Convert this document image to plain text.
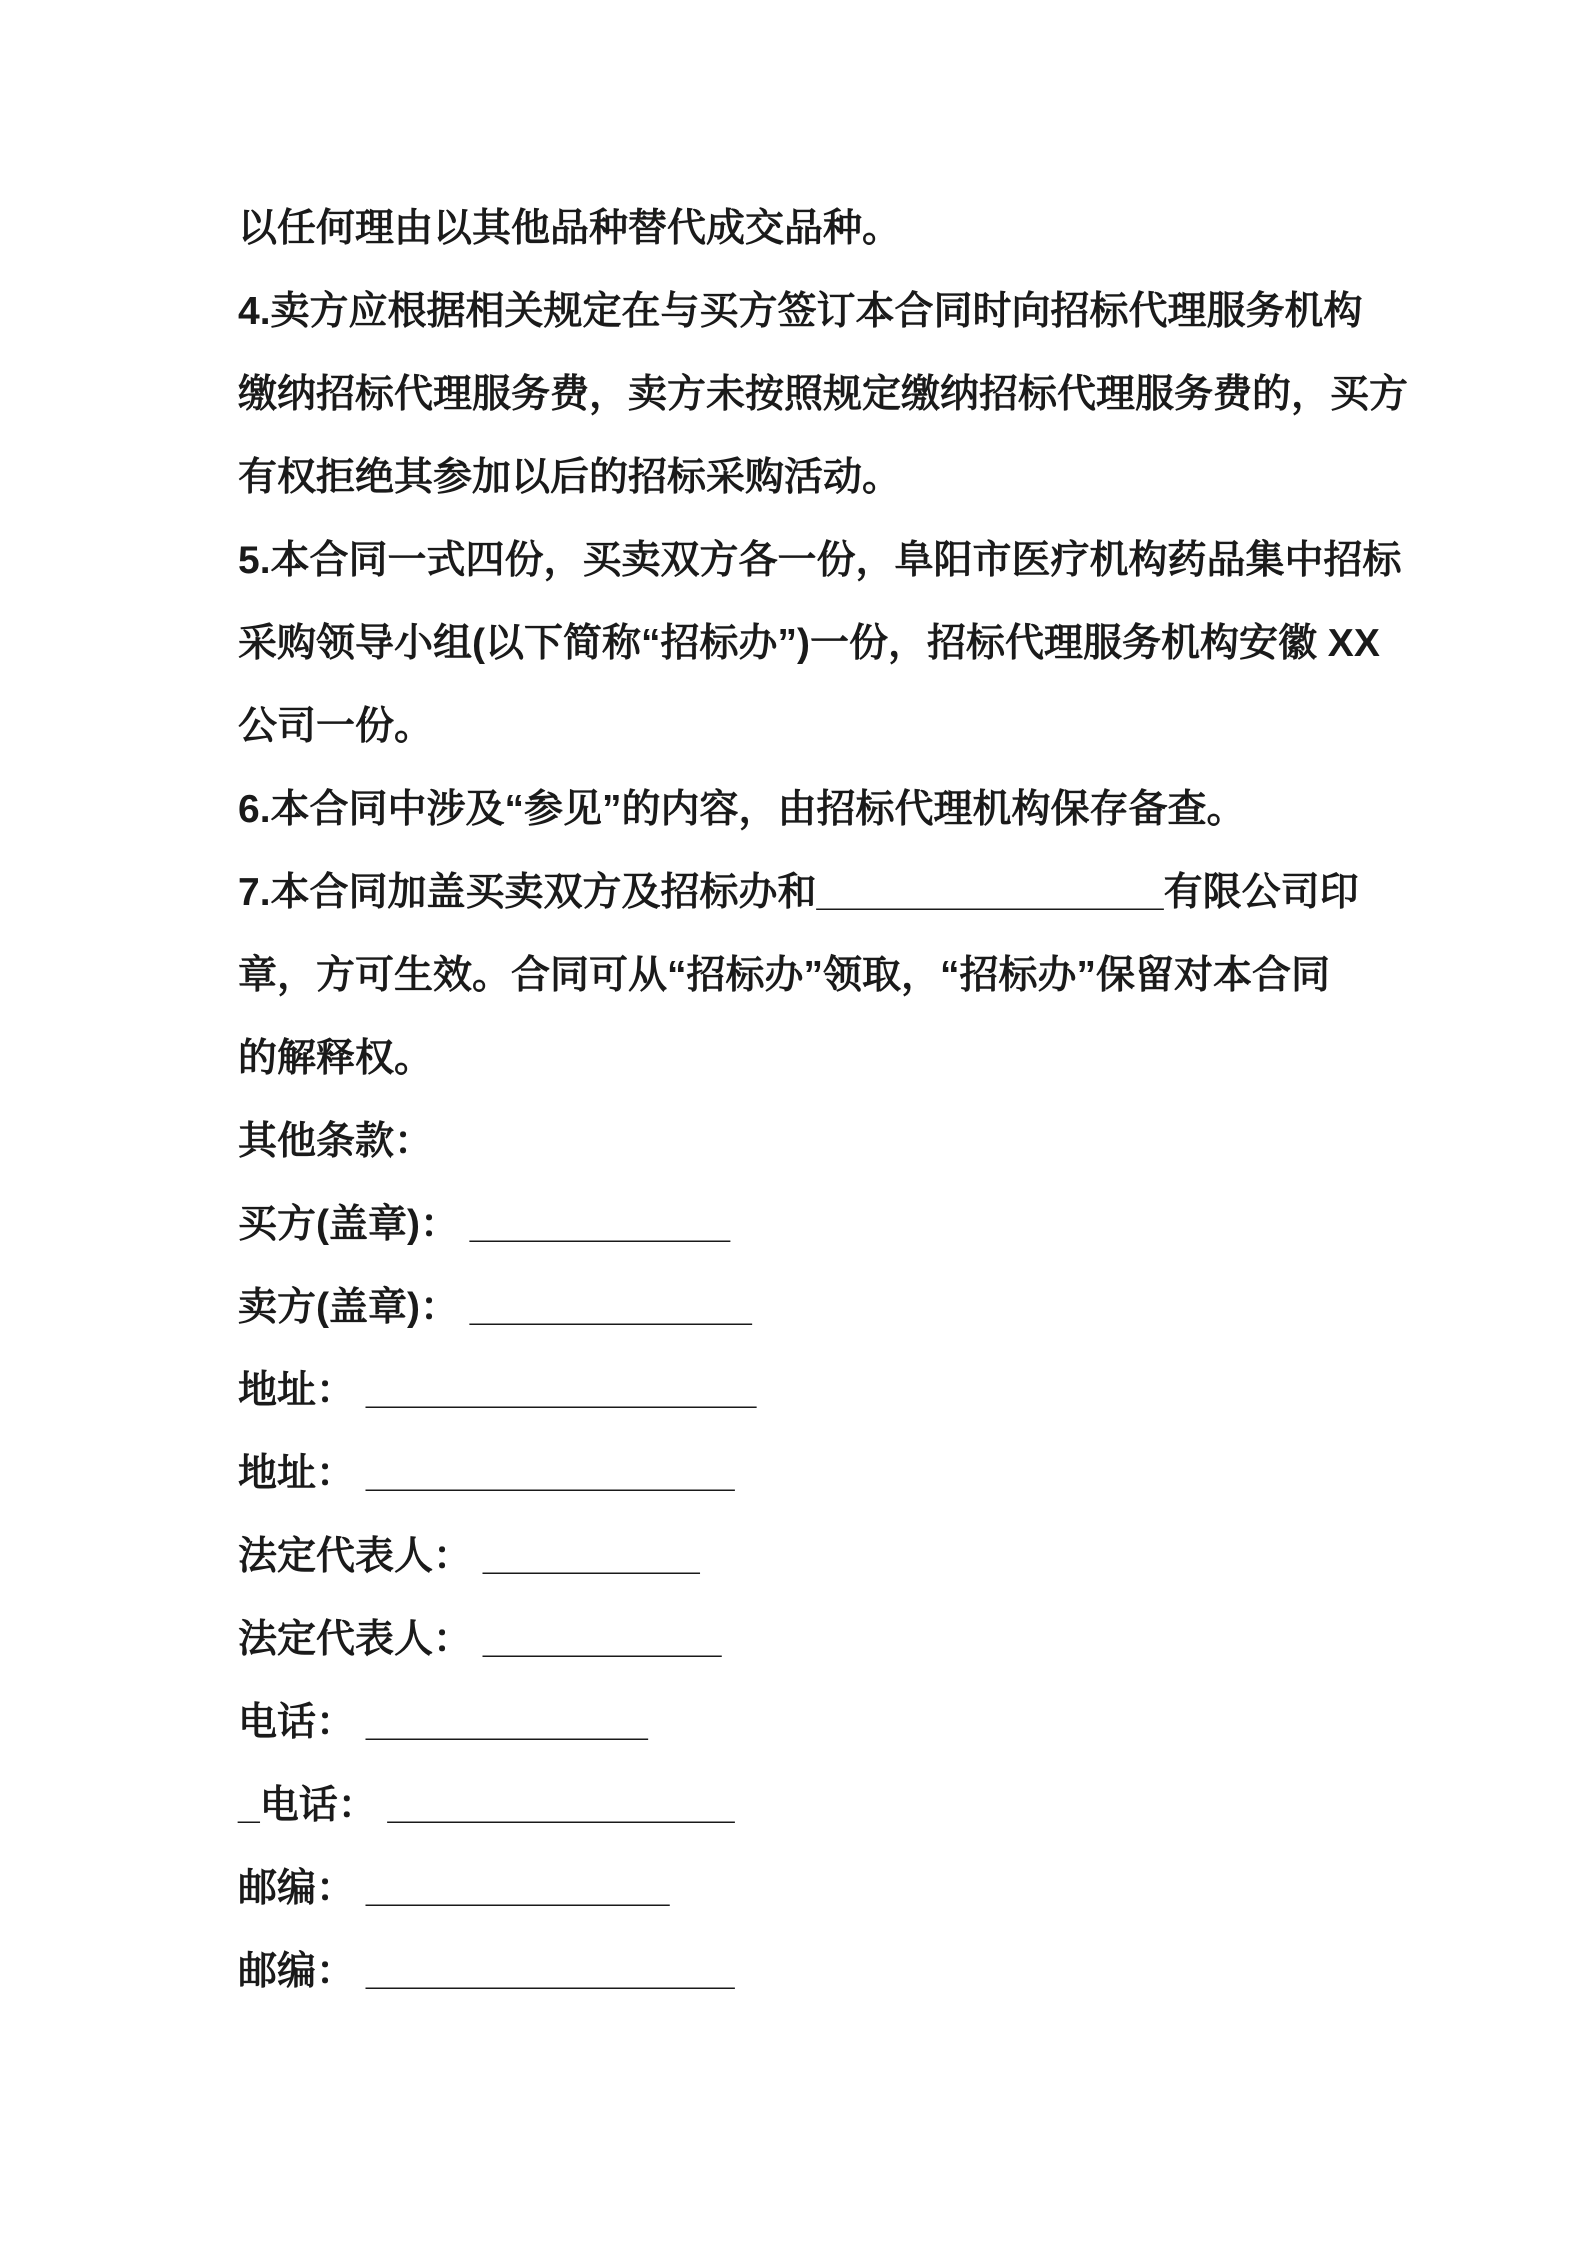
以任何理由以其他品种替代成交品种。
4.卖方应根据相关规定在与买方签订本合同时向招标代理服务机构
缴纳招标代理服务费，卖方未按照规定缴纳招标代理服务费的，买方
有权拒绝其参加以后的招标采购活动。
5.本合同一式四份，买卖双方各一份，阜阳市医疗机构药品集中招标
采购领导小组(以下简称“招标办”)一份，招标代理服务机构安徽 XX
公司一份。
6.本合同中涉及“参见”的内容，由招标代理机构保存备查。
7.本合同加盖买卖双方及招标办和________________有限公司印
章，方可生效。合同可从“招标办”领取，“招标办”保留对本合同
的解释权。
其他条款：
买方(盖章)： ____________
卖方(盖章)： _____________
地址： __________________
地址： _________________
法定代表人： __________
法定代表人： ___________
电话： _____________
_电话： ________________
邮编： ______________
邮编： _________________
